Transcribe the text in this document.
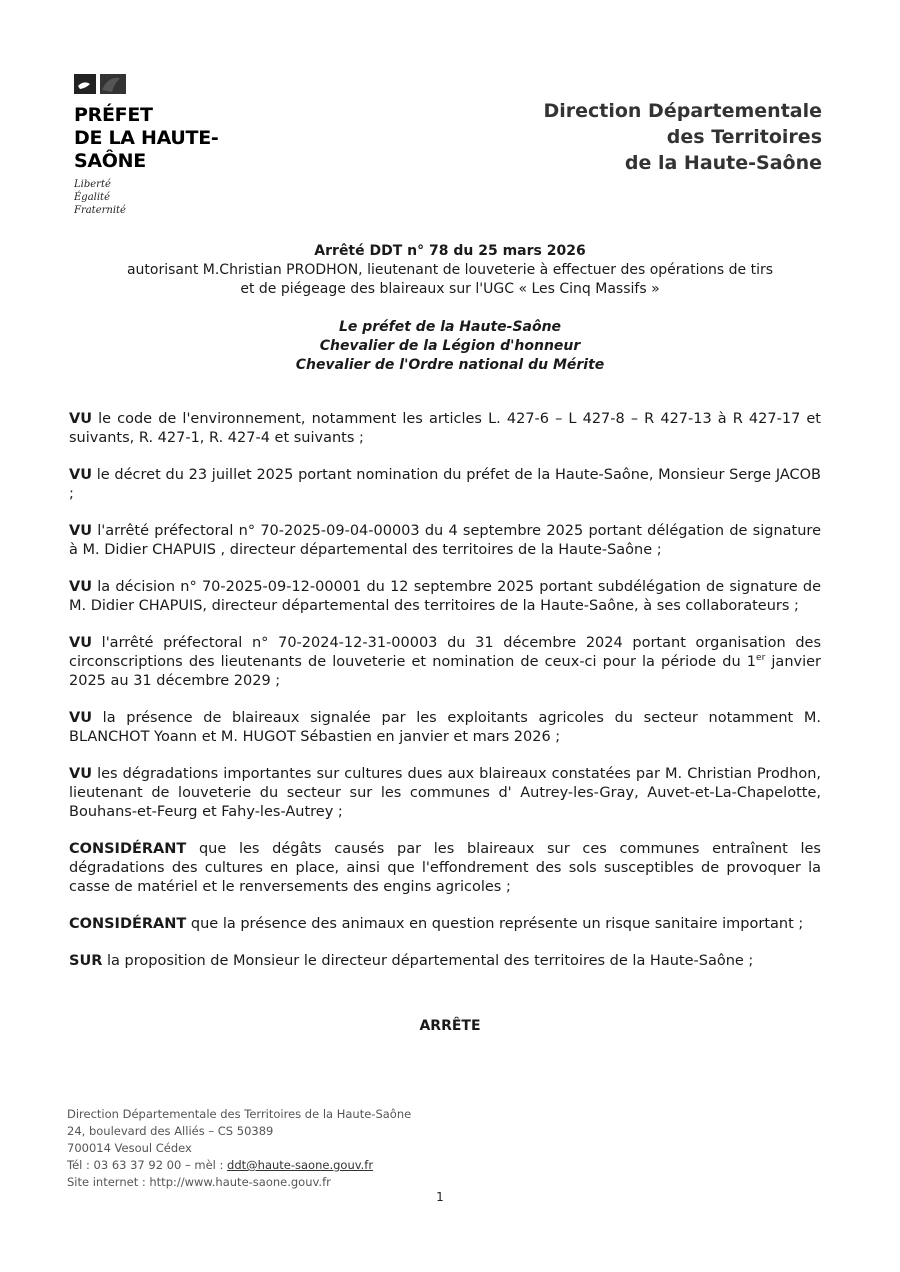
PRÉFET
DE LA HAUTE-
SAÔNE
Liberté
Égalité
Fraternité
Direction Départementale
des Territoires
de la Haute-Saône
Arrêté DDT n° 78 du 25 mars 2026
autorisant M.Christian PRODHON, lieutenant de louveterie à effectuer des opérations de tirs
et de piégeage des blaireaux sur l'UGC « Les Cinq Massifs »
Le préfet de la Haute-Saône
Chevalier de la Légion d'honneur
Chevalier de l'Ordre national du Mérite

VU le code de l'environnement, notamment les articles L. 427-6 – L 427-8 – R 427-13 à R 427-17 et suivants, R. 427-1, R. 427-4 et suivants ;

VU le décret du 23 juillet 2025 portant nomination du préfet de la Haute-Saône, Monsieur Serge JACOB ;

VU l'arrêté préfectoral n° 70-2025-09-04-00003 du 4 septembre 2025 portant délégation de signature à M. Didier CHAPUIS , directeur départemental des territoires de la Haute-Saône ;

VU la décision n° 70-2025-09-12-00001 du 12 septembre 2025 portant subdélégation de signature de M. Didier CHAPUIS, directeur départemental des territoires de la Haute-Saône, à ses collaborateurs ;

VU l'arrêté préfectoral n° 70-2024-12-31-00003 du 31 décembre 2024 portant organisation des circonscriptions des lieutenants de louveterie et nomination de ceux-ci pour la période du 1er janvier 2025 au 31 décembre 2029 ;

VU la présence de blaireaux signalée par les exploitants agricoles du secteur notamment M. BLANCHOT Yoann et M. HUGOT Sébastien en janvier et mars 2026 ;

VU les dégradations importantes sur cultures dues aux blaireaux constatées par M. Christian Prodhon, lieutenant de louveterie du secteur sur les communes d' Autrey-les-Gray, Auvet-et-La-Chapelotte, Bouhans-et-Feurg et Fahy-les-Autrey ;

CONSIDÉRANT que les dégâts causés par les blaireaux sur ces communes entraînent les dégradations des cultures en place, ainsi que l'effondrement des sols susceptibles de provoquer la casse de matériel et le renversements des engins agricoles ;

CONSIDÉRANT que la présence des animaux en question représente un risque sanitaire important ;

SUR la proposition de Monsieur le directeur départemental des territoires de la Haute-Saône ;

ARRÊTE
Direction Départementale des Territoires de la Haute-Saône
24, boulevard des Alliés – CS 50389
700014 Vesoul Cédex
Tél : 03 63 37 92 00 – mèl : ddt@haute-saone.gouv.fr
Site internet : http://www.haute-saone.gouv.fr
1
